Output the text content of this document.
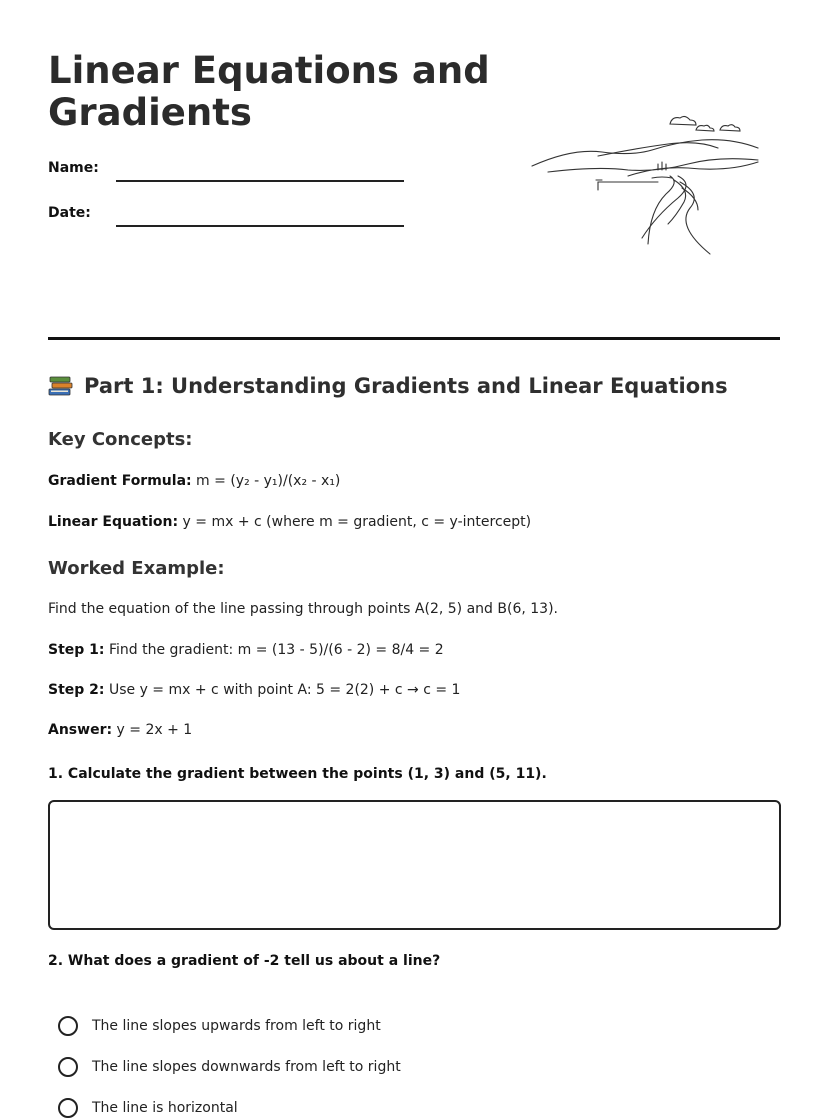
Linear Equations and
Gradients
Name:
Date:
Part 1: Understanding Gradients and Linear Equations
Key Concepts:
Gradient Formula: m = (y₂ - y₁)/(x₂ - x₁)
Linear Equation: y = mx + c (where m = gradient, c = y-intercept)
Worked Example:
Find the equation of the line passing through points A(2, 5) and B(6, 13).
Step 1: Find the gradient: m = (13 - 5)/(6 - 2) = 8/4 = 2
Step 2: Use y = mx + c with point A: 5 = 2(2) + c → c = 1
Answer: y = 2x + 1
1. Calculate the gradient between the points (1, 3) and (5, 11).
2. What does a gradient of -2 tell us about a line?
The line slopes upwards from left to right
The line slopes downwards from left to right
The line is horizontal
